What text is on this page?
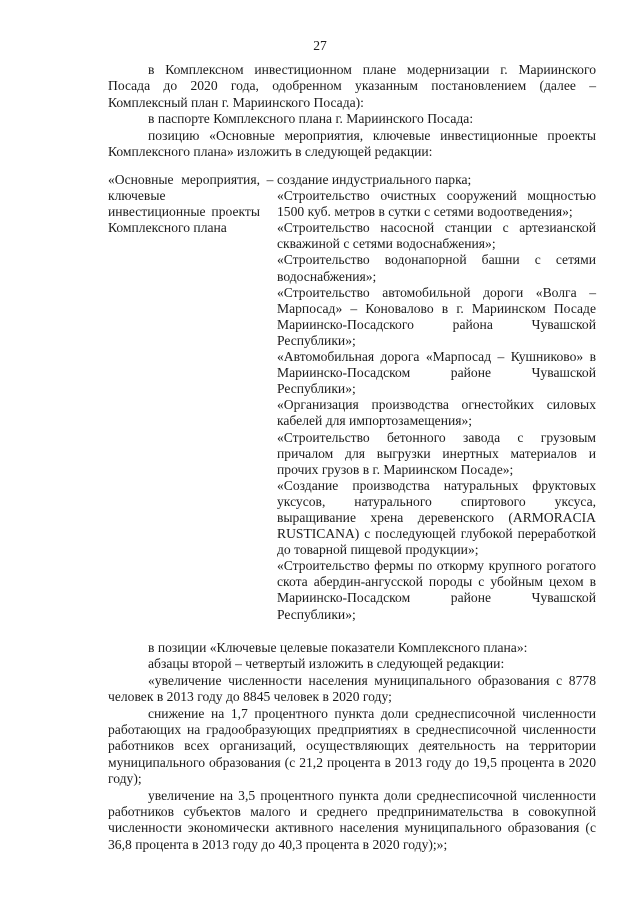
27

в Комплексном инвестиционном плане модернизации г. Мариинского Посада до 2020 года, одобренном указанным постановлением (далее – Комплексный план г. Мариинского Посада):

в паспорте Комплексного плана г. Мариинского Посада:

позицию «Основные мероприятия, ключевые инвестиционные проекты Комплексного плана» изложить в следующей редакции:

«Основные мероприятия, ключевые инвестиционные проекты Комплексного плана
– создание индустриального парка;

«Строительство очистных сооружений мощностью 1500 куб. метров в сутки с сетями водоотведения»;

«Строительство насосной станции с артезианской скважиной с сетями водоснабжения»;

«Строительство водонапорной башни с сетями водоснабжения»;

«Строительство автомобильной дороги «Волга – Марпосад» – Коновалово в г. Мариинском Посаде Мариинско-Посадского района Чувашской Республики»;

«Автомобильная дорога «Марпосад – Кушниково» в Мариинско-Посадском районе Чувашской Республики»;

«Организация производства огнестойких силовых кабелей для импортозамещения»;

«Строительство бетонного завода с грузовым причалом для выгрузки инертных материалов и прочих грузов в г. Мариинском Посаде»;

«Создание производства натуральных фруктовых уксусов, натурального спиртового уксуса, выращивание хрена деревенского (ARMORACIA RUSTICANA) с последующей глубокой переработкой до товарной пищевой продукции»;

«Строительство фермы по откорму крупного рогатого скота абердин-ангусской породы с убойным цехом в Мариинско-Посадском районе Чувашской Республики»;

в позиции «Ключевые целевые показатели Комплексного плана»:

абзацы второй – четвертый изложить в следующей редакции:

«увеличение численности населения муниципального образования с 8778 человек в 2013 году до 8845 человек в 2020 году;

снижение на 1,7 процентного пункта доли среднесписочной численности работающих на градообразующих предприятиях в среднесписочной численности работников всех организаций, осуществляющих деятельность на территории муниципального образования (с 21,2 процента в 2013 году до 19,5 процента в 2020 году);

увеличение на 3,5 процентного пункта доли среднесписочной численности работников субъектов малого и среднего предпринимательства в совокупной численности экономически активного населения муниципального образования (с 36,8 процента в 2013 году до 40,3 процента в 2020 году);»;
